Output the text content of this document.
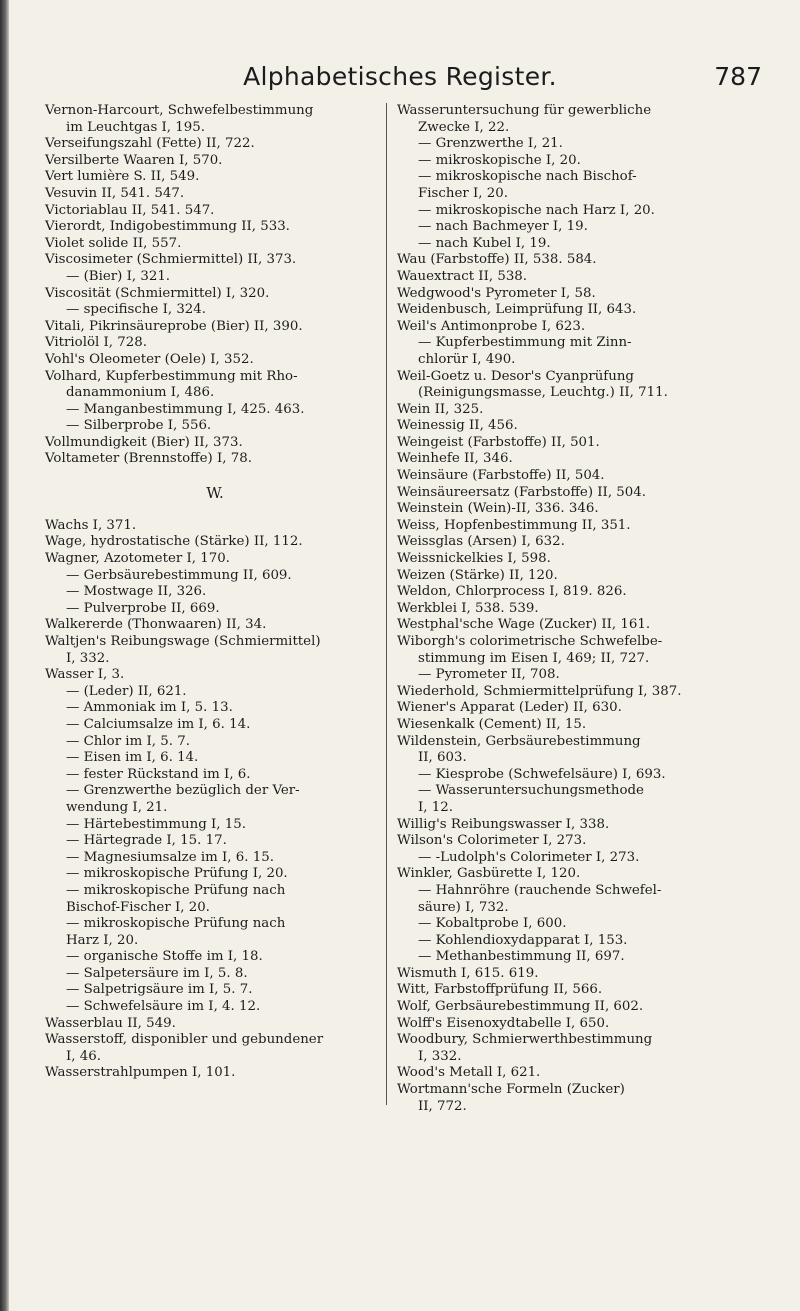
Alphabetisches Register.	787
Vernon-Harcourt, Schwefelbestimmung
im Leuchtgas I, 195.
Verseifungszahl (Fette) II, 722.
Versilberte Waaren I, 570.
Vert lumière S. II, 549.
Vesuvin II, 541. 547.
Victoriablau II, 541. 547.
Vierordt, Indigobestimmung II, 533.
Violet solide II, 557.
Viscosimeter (Schmiermittel) II, 373.
— (Bier) I, 321.
Viscosität (Schmiermittel) I, 320.
— specifische I, 324.
Vitali, Pikrinsäureprobe (Bier) II, 390.
Vitriolöl I, 728.
Vohl's Oleometer (Oele) I, 352.
Volhard, Kupferbestimmung mit Rho-
danammonium I, 486.
— Manganbestimmung I, 425. 463.
— Silberprobe I, 556.
Vollmundigkeit (Bier) II, 373.
Voltameter (Brennstoffe) I, 78.
W.
Wachs I, 371.
Wage, hydrostatische (Stärke) II, 112.
Wagner, Azotometer I, 170.
— Gerbsäurebestimmung II, 609.
— Mostwage II, 326.
— Pulverprobe II, 669.
Walkererde (Thonwaaren) II, 34.
Waltjen's Reibungswage (Schmiermittel)
I, 332.
Wasser I, 3.
— (Leder) II, 621.
— Ammoniak im I, 5. 13.
— Calciumsalze im I, 6. 14.
— Chlor im I, 5. 7.
— Eisen im I, 6. 14.
— fester Rückstand im I, 6.
— Grenzwerthe bezüglich der Ver-
wendung I, 21.
— Härtebestimmung I, 15.
— Härtegrade I, 15. 17.
— Magnesiumsalze im I, 6. 15.
— mikroskopische Prüfung I, 20.
— mikroskopische Prüfung nach
Bischof-Fischer I, 20.
— mikroskopische Prüfung nach
Harz I, 20.
— organische Stoffe im I, 18.
— Salpetersäure im I, 5. 8.
— Salpetrigsäure im I, 5. 7.
— Schwefelsäure im I, 4. 12.
Wasserblau II, 549.
Wasserstoff, disponibler und gebundener
I, 46.
Wasserstrahlpumpen I, 101.
Wasseruntersuchung für gewerbliche
Zwecke I, 22.
— Grenzwerthe I, 21.
— mikroskopische I, 20.
— mikroskopische nach Bischof-
Fischer I, 20.
— mikroskopische nach Harz I, 20.
— nach Bachmeyer I, 19.
— nach Kubel I, 19.
Wau (Farbstoffe) II, 538. 584.
Wauextract II, 538.
Wedgwood's Pyrometer I, 58.
Weidenbusch, Leimprüfung II, 643.
Weil's Antimonprobe I, 623.
— Kupferbestimmung mit Zinn-
chlorür I, 490.
Weil-Goetz u. Desor's Cyanprüfung
(Reinigungsmasse, Leuchtg.) II, 711.
Wein II, 325.
Weinessig II, 456.
Weingeist (Farbstoffe) II, 501.
Weinhefe II, 346.
Weinsäure (Farbstoffe) II, 504.
Weinsäureersatz (Farbstoffe) II, 504.
Weinstein (Wein)-II, 336. 346.
Weiss, Hopfenbestimmung II, 351.
Weissglas (Arsen) I, 632.
Weissnickelkies I, 598.
Weizen (Stärke) II, 120.
Weldon, Chlorprocess I, 819. 826.
Werkblei I, 538. 539.
Westphal'sche Wage (Zucker) II, 161.
Wiborgh's colorimetrische Schwefelbe-
stimmung im Eisen I, 469; II, 727.
— Pyrometer II, 708.
Wiederhold, Schmiermittelprüfung I, 387.
Wiener's Apparat (Leder) II, 630.
Wiesenkalk (Cement) II, 15.
Wildenstein, Gerbsäurebestimmung
II, 603.
— Kiesprobe (Schwefelsäure) I, 693.
— Wasseruntersuchungsmethode
I, 12.
Willig's Reibungswasser I, 338.
Wilson's Colorimeter I, 273.
— -Ludolph's Colorimeter I, 273.
Winkler, Gasbürette I, 120.
— Hahnröhre (rauchende Schwefel-
säure) I, 732.
— Kobaltprobe I, 600.
— Kohlendioxydapparat I, 153.
— Methanbestimmung II, 697.
Wismuth I, 615. 619.
Witt, Farbstoffprüfung II, 566.
Wolf, Gerbsäurebestimmung II, 602.
Wolff's Eisenoxydtabelle I, 650.
Woodbury, Schmierwerthbestimmung
I, 332.
Wood's Metall I, 621.
Wortmann'sche Formeln (Zucker)
II, 772.
